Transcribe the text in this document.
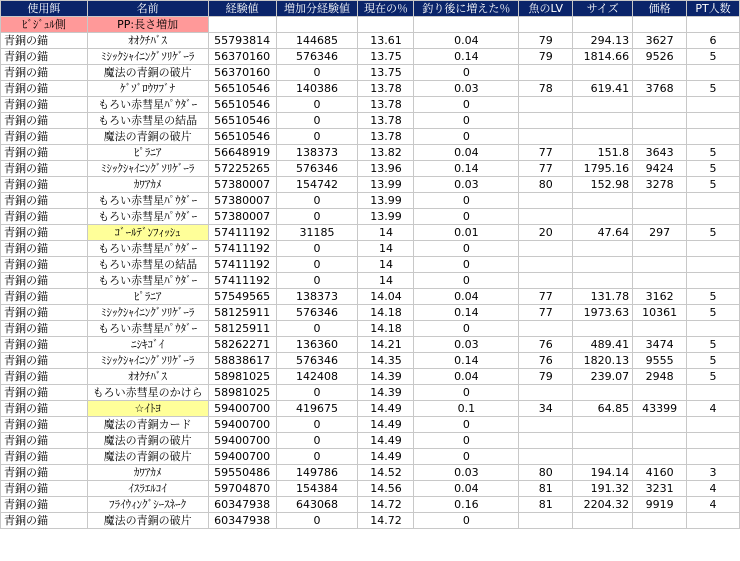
使用餌	名前	経験値	増加分経験値	現在の％	釣り後に増えた％	魚のLV	サイズ	価格	PT人数
ﾋﾞｼﾞｭﾙ側	PP:長さ増加								
青銅の錨	ｵｵｸﾁﾊﾞｽ	55793814	144685	13.61	0.04	79	294.13	3627	6
青銅の錨	ﾐｼｯｸｼｬｲﾆﾝｸﾞｿﾘｹﾞｰﾗ	56370160	576346	13.75	0.14	79	1814.66	9526	5
青銅の錨	魔法の青銅の破片	56370160	0	13.75	0				
青銅の錨	ｹﾞｿﾞﾛｳﾜﾌﾞﾅ	56510546	140386	13.78	0.03	78	619.41	3768	5
青銅の錨	もろい赤彗星ﾊﾟｳﾀﾞｰ	56510546	0	13.78	0				
青銅の錨	もろい赤彗星の結晶	56510546	0	13.78	0				
青銅の錨	魔法の青銅の破片	56510546	0	13.78	0				
青銅の錨	ﾋﾟﾗﾆｱ	56648919	138373	13.82	0.04	77	151.8	3643	5
青銅の錨	ﾐｼｯｸｼｬｲﾆﾝｸﾞｿﾘｹﾞｰﾗ	57225265	576346	13.96	0.14	77	1795.16	9424	5
青銅の錨	ｶﾜｱｶﾒ	57380007	154742	13.99	0.03	80	152.98	3278	5
青銅の錨	もろい赤彗星ﾊﾟｳﾀﾞｰ	57380007	0	13.99	0				
青銅の錨	もろい赤彗星ﾊﾟｳﾀﾞｰ	57380007	0	13.99	0				
青銅の錨	ｺﾞｰﾙﾃﾞﾝﾌｨｯｼｭ	57411192	31185	14	0.01	20	47.64	297	5
青銅の錨	もろい赤彗星ﾊﾟｳﾀﾞｰ	57411192	0	14	0				
青銅の錨	もろい赤彗星の結晶	57411192	0	14	0				
青銅の錨	もろい赤彗星ﾊﾟｳﾀﾞｰ	57411192	0	14	0				
青銅の錨	ﾋﾟﾗﾆｱ	57549565	138373	14.04	0.04	77	131.78	3162	5
青銅の錨	ﾐｼｯｸｼｬｲﾆﾝｸﾞｿﾘｹﾞｰﾗ	58125911	576346	14.18	0.14	77	1973.63	10361	5
青銅の錨	もろい赤彗星ﾊﾟｳﾀﾞｰ	58125911	0	14.18	0				
青銅の錨	ﾆｼｷｺﾞｲ	58262271	136360	14.21	0.03	76	489.41	3474	5
青銅の錨	ﾐｼｯｸｼｬｲﾆﾝｸﾞｿﾘｹﾞｰﾗ	58838617	576346	14.35	0.14	76	1820.13	9555	5
青銅の錨	ｵｵｸﾁﾊﾞｽ	58981025	142408	14.39	0.04	79	239.07	2948	5
青銅の錨	もろい赤彗星のかけら	58981025	0	14.39	0				
青銅の錨	☆ｲﾄﾖ	59400700	419675	14.49	0.1	34	64.85	43399	4
青銅の錨	魔法の青銅カード	59400700	0	14.49	0				
青銅の錨	魔法の青銅の破片	59400700	0	14.49	0				
青銅の錨	魔法の青銅の破片	59400700	0	14.49	0				
青銅の錨	ｶﾜｱｶﾒ	59550486	149786	14.52	0.03	80	194.14	4160	3
青銅の錨	ｲｽﾗｴﾙｺｲ	59704870	154384	14.56	0.04	81	191.32	3231	4
青銅の錨	ﾌﾗｲｳｨﾝｸﾞｼｰｽﾈｰｸ	60347938	643068	14.72	0.16	81	2204.32	9919	4
青銅の錨	魔法の青銅の破片	60347938	0	14.72	0				
